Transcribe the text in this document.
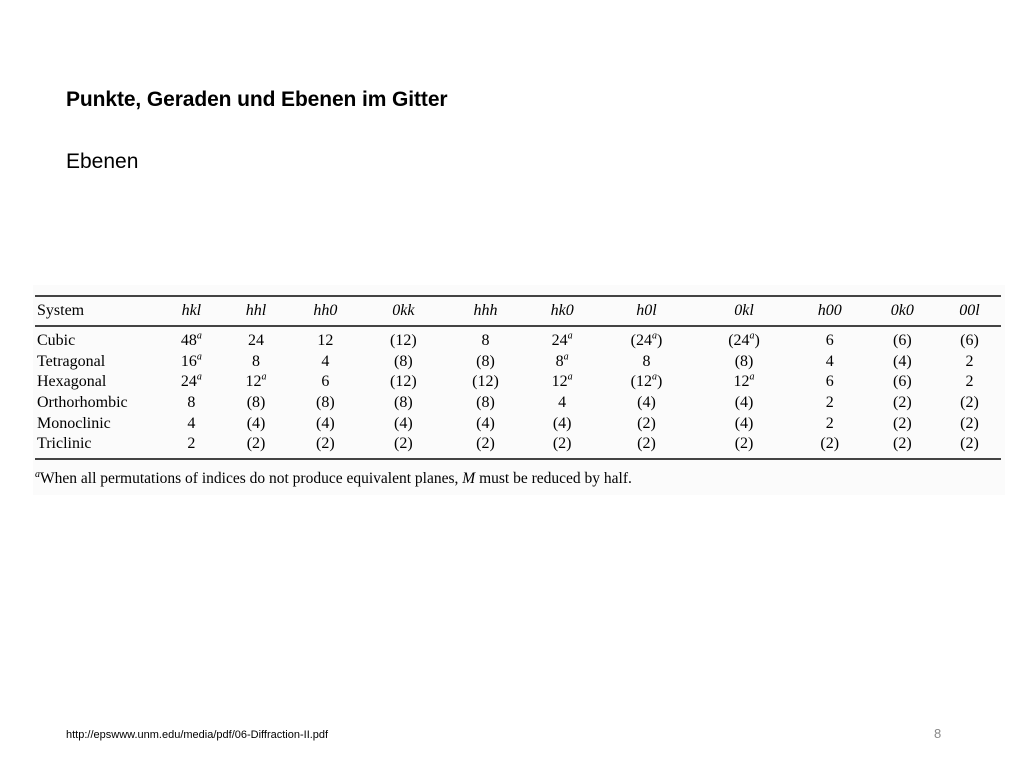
Punkte, Geraden und Ebenen im Gitter
Ebenen
System	hkl	hhl	hh0	0kk	hhh	hk0	h0l	0kl	h00	0k0	00l
Cubic	48$^a$	24	12	(12)	8	24$^a$	(24$^a$)	(24$^a$)	6	(6)	(6)
Tetragonal	16$^a$	8	4	(8)	(8)	8$^a$	8	(8)	4	(4)	2
Hexagonal	24$^a$	12$^a$	6	(12)	(12)	12$^a$	(12$^a$)	12$^a$	6	(6)	2
Orthorhombic	8	(8)	(8)	(8)	(8)	4	(4)	(4)	2	(2)	(2)
Monoclinic	4	(4)	(4)	(4)	(4)	(4)	(2)	(4)	2	(2)	(2)
Triclinic	2	(2)	(2)	(2)	(2)	(2)	(2)	(2)	(2)	(2)	(2)
$^a$When all permutations of indices do not produce equivalent planes, M must be reduced by half.
http://epswww.unm.edu/media/pdf/06-Diffraction-II.pdf	8
